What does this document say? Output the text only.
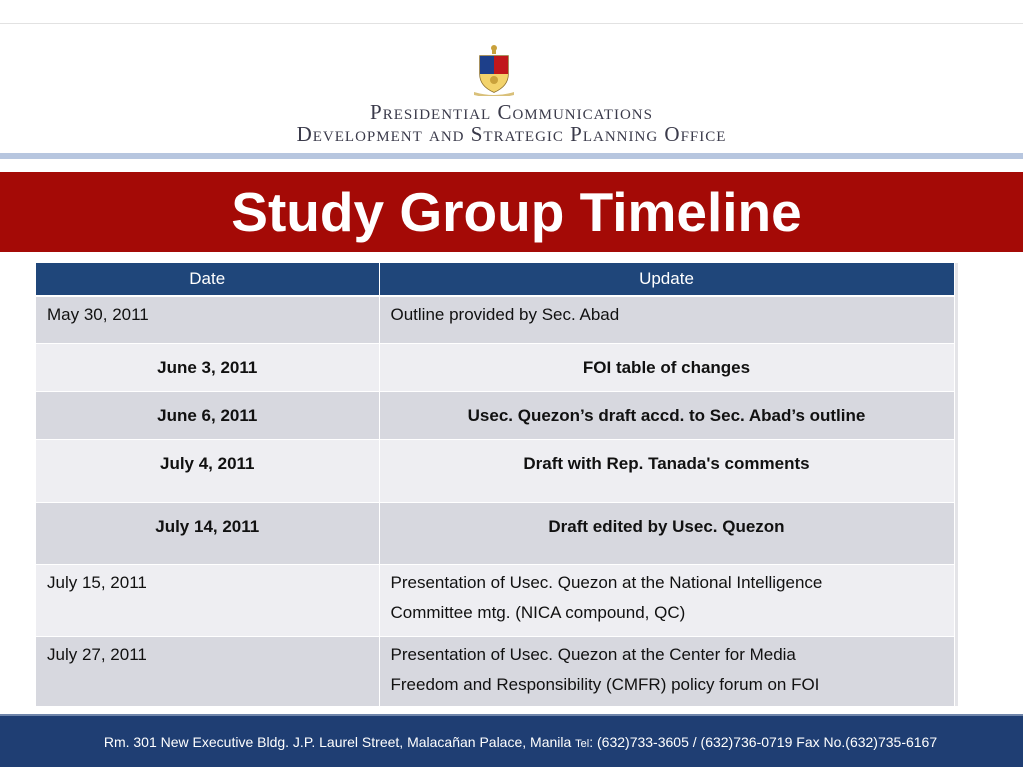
Presidential Communications
Development and Strategic Planning Office
Study Group Timeline
Date	Update

May 30, 2011	Outline provided by Sec. Abad

June 3, 2011	FOI table of changes

June 6, 2011	Usec. Quezon’s draft accd. to Sec. Abad’s outline

July 4, 2011	Draft with Rep. Tanada's comments

July 14, 2011	Draft edited by Usec. Quezon

July 15, 2011	Presentation of Usec. Quezon at the National Intelligence
Committee mtg. (NICA compound, QC)

July 27, 2011	Presentation of Usec. Quezon at the Center for Media
Freedom and Responsibility (CMFR) policy forum on FOI
Rm. 301 New Executive Bldg. J.P. Laurel Street, Malacañan Palace, Manila Tel: (632)733-3605 / (632)736-0719 Fax No.(632)735-6167
